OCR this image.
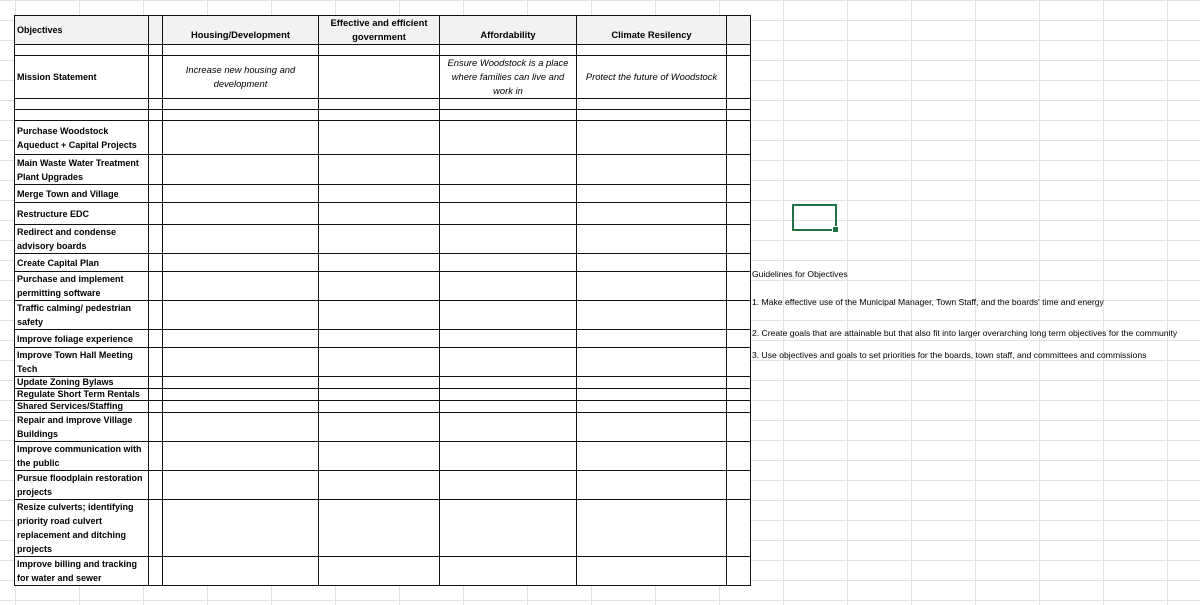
Objectives		Housing/Development	Effective and efficient government	Affordability	Climate Resilency	

Mission Statement		Increase new housing and development		Ensure Woodstock is a place where families can live and work in	Protect the future of Woodstock	

Purchase Woodstock Aqueduct + Capital Projects						
Main Waste Water Treatment Plant Upgrades						
Merge Town and Village						
Restructure EDC						
Redirect and condense advisory boards						
Create Capital Plan						
Purchase and implement permitting software						
Traffic calming/ pedestrian safety						
Improve foliage experience						
Improve Town Hall Meeting Tech						
Update Zoning Bylaws						
Regulate Short Term Rentals						
Shared Services/Staffing						
Repair and improve Village Buildings						
Improve communication with the public						
Pursue floodplain restoration projects						
Resize culverts; identifying priority road culvert replacement and ditching projects						
Improve billing and tracking for water and sewer						
Guidelines for Objectives
1. Make effective use of the Municipal Manager, Town Staff, and the boards' time and energy
2. Create goals that are attainable but that also fit into larger overarching long term objectives for the community
3. Use objectives and goals to set priorities for the boards, town staff, and committees and commissions
